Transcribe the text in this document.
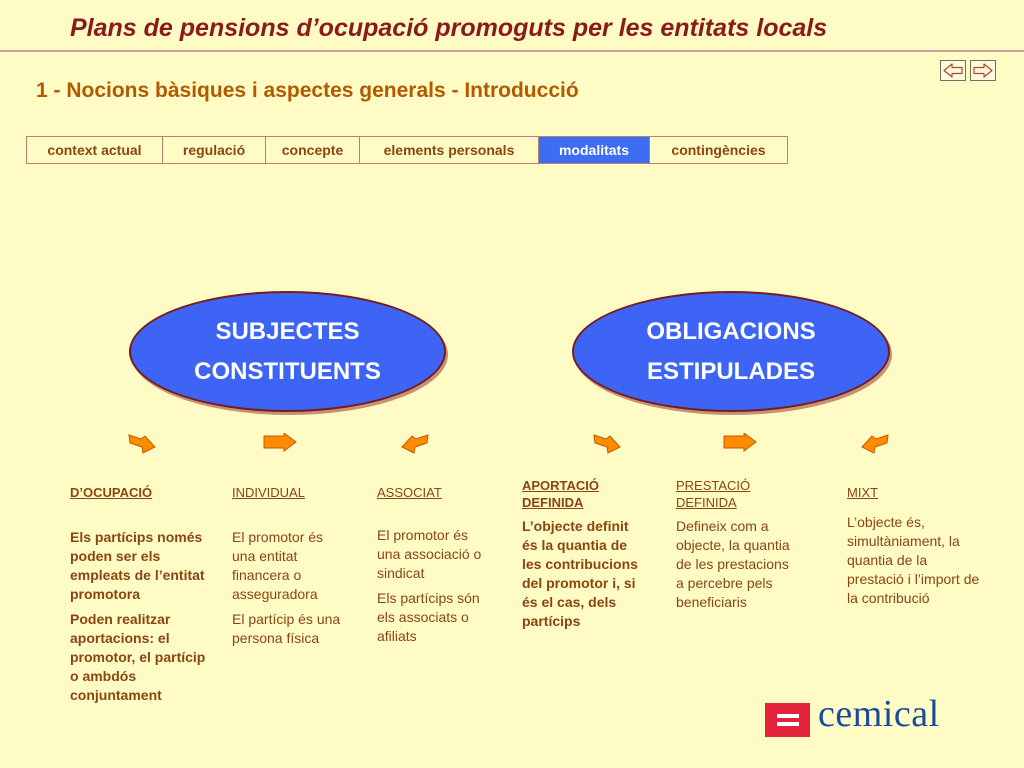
Plans de pensions d’ocupació promoguts per les entitats locals
1 - Nocions bàsiques i aspectes generals - Introducció
context actual	regulació	concepte	elements personals	modalitats	contingències
SUBJECTES
CONSTITUENTS
OBLIGACIONS
ESTIPULADES
D’OCUPACIÓ

Els partícips només poden ser els empleats de l’entitat promotora

Poden realitzar aportacions: el promotor, el partícip o ambdós conjuntament

INDIVIDUAL

El promotor és una entitat financera o asseguradora

El partícip és una persona física

ASSOCIAT

El promotor és una associació o sindicat

Els partícips són els associats o afiliats

APORTACIÓ DEFINIDA

L’objecte definit és la quantia de les contribucions del promotor i, si és el cas, dels partícips

PRESTACIÓ DEFINIDA

Defineix com a objecte, la quantia de les prestacions a percebre pels beneficiaris

MIXT

L’objecte és, simultàniament, la quantia de la prestació i l’import de la contribució

cemical
